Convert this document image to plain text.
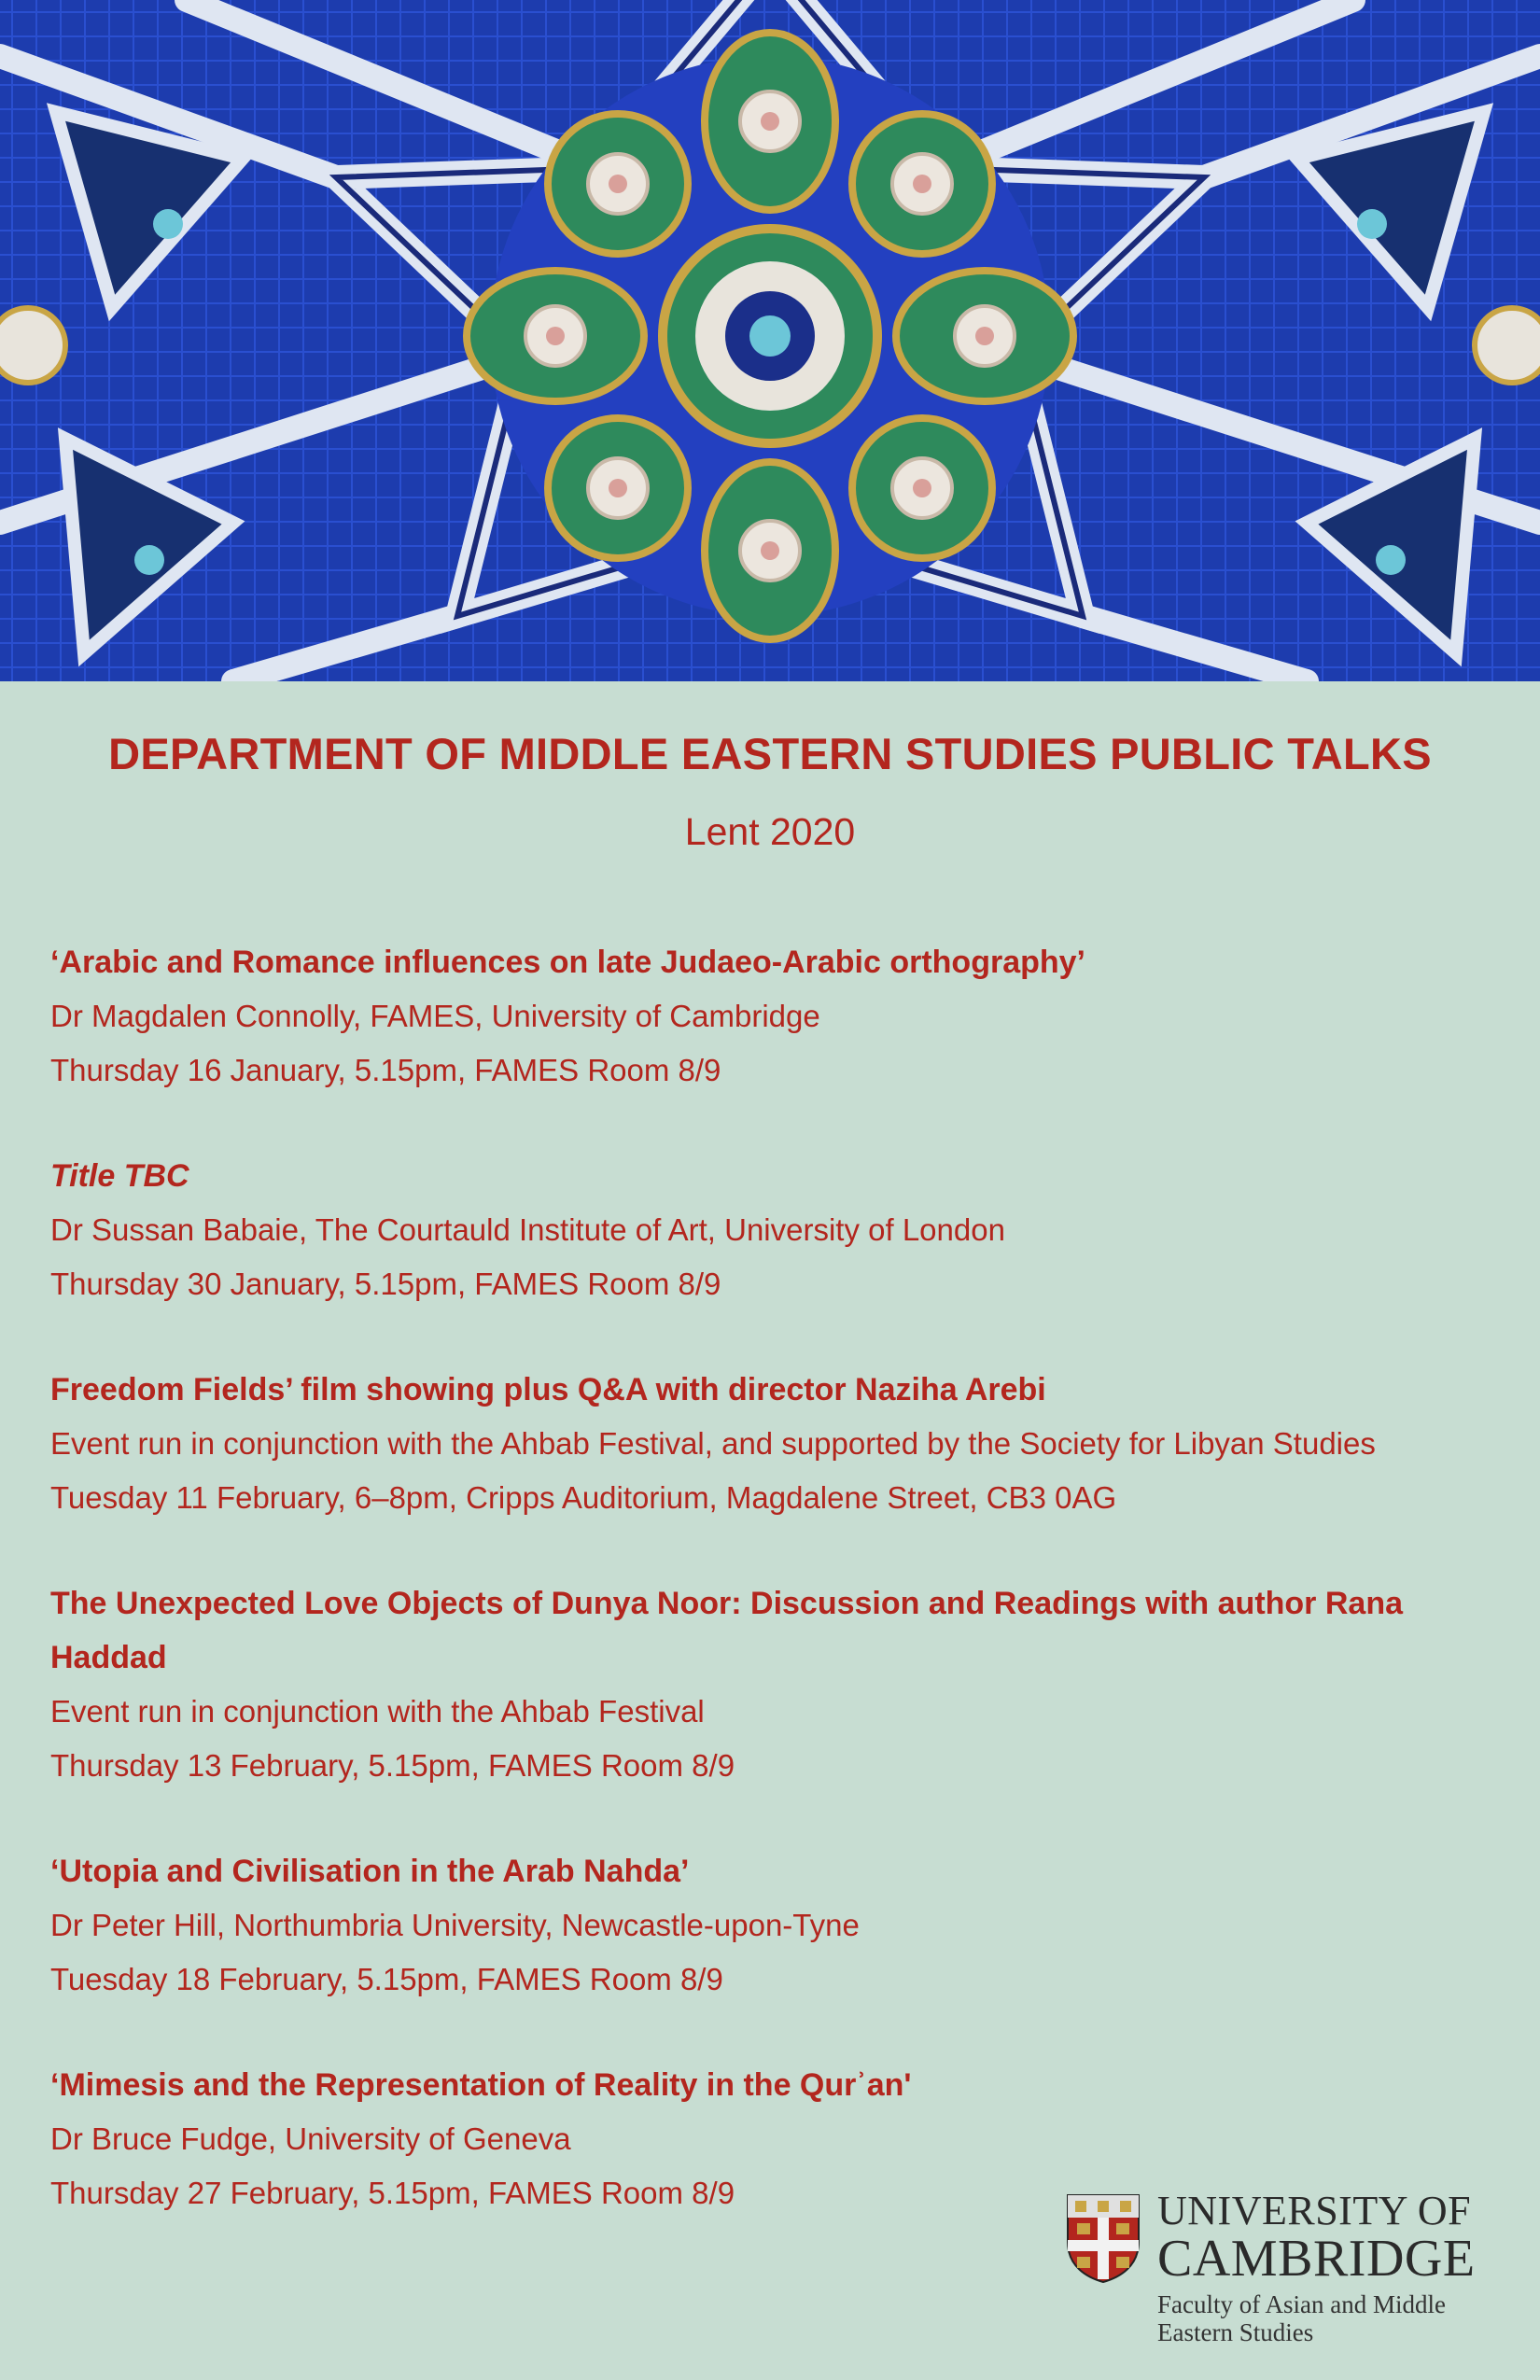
DEPARTMENT OF MIDDLE EASTERN STUDIES PUBLIC TALKS
Lent 2020
‘Arabic and Romance influences on late Judaeo-Arabic orthography’
Dr Magdalen Connolly, FAMES, University of Cambridge
Thursday 16 January, 5.15pm, FAMES Room 8/9
Title TBC
Dr Sussan Babaie, The Courtauld Institute of Art, University of London
Thursday 30 January, 5.15pm, FAMES Room 8/9
Freedom Fields’ film showing plus Q&A with director Naziha Arebi
Event run in conjunction with the Ahbab Festival, and supported by the Society for Libyan Studies
Tuesday 11 February, 6–8pm, Cripps Auditorium, Magdalene Street, CB3 0AG
The Unexpected Love Objects of Dunya Noor: Discussion and Readings with author Rana Haddad
Event run in conjunction with the Ahbab Festival
Thursday 13 February, 5.15pm, FAMES Room 8/9
‘Utopia and Civilisation in the Arab Nahda’
Dr Peter Hill, Northumbria University, Newcastle-upon-Tyne
Tuesday 18 February, 5.15pm, FAMES Room 8/9
‘Mimesis and the Representation of Reality in the Qurʾan'
Dr Bruce Fudge, University of Geneva
Thursday 27 February, 5.15pm, FAMES Room 8/9	UNIVERSITY OF
CAMBRIDGE
Faculty of Asian and Middle Eastern Studies
